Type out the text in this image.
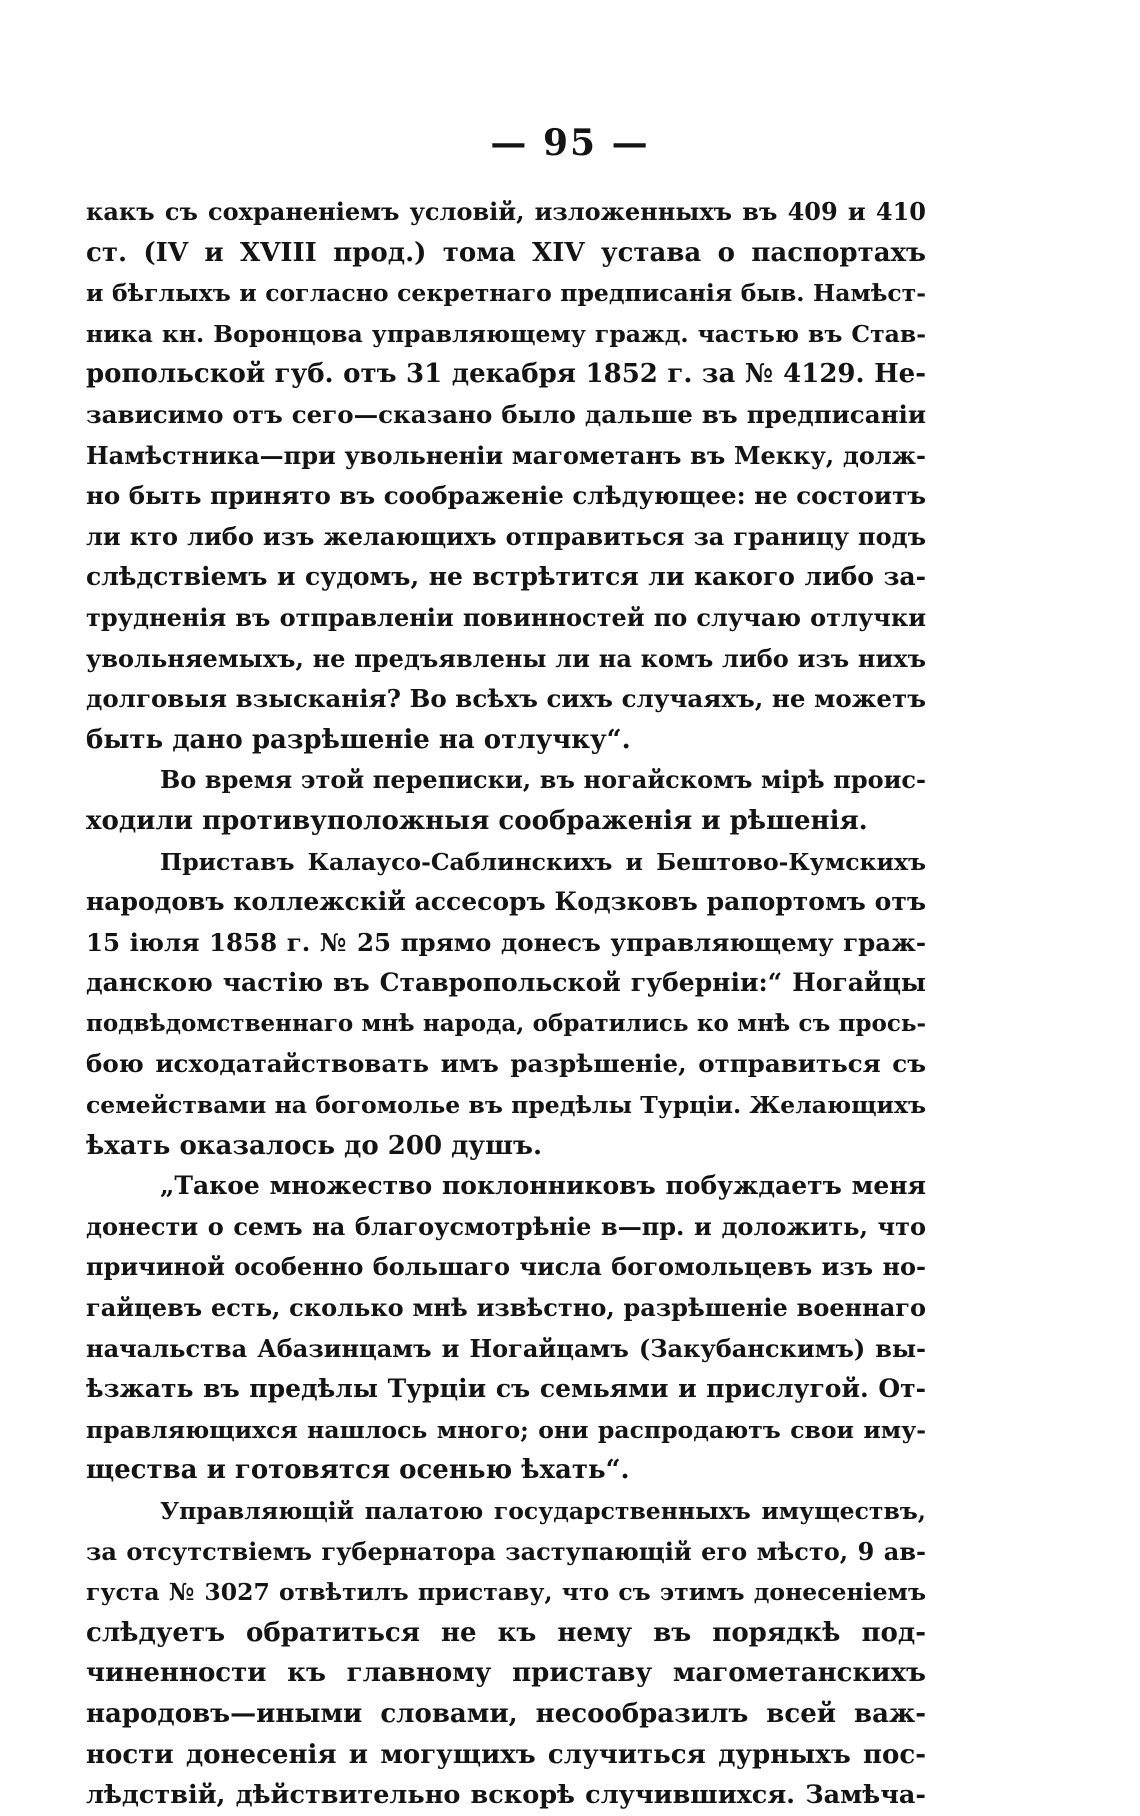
— 95 —
какъ съ сохраненіемъ условій, изложенныхъ въ 409 и 410
ст. (IV и XVIII прод.) тома XIV устава о паспортахъ
и бѣглыхъ и согласно секретнаго предписанія быв. Намѣст-
ника кн. Воронцова управляющему гражд. частью въ Став-
ропольской губ. отъ 31 декабря 1852 г. за № 4129. Не-
зависимо отъ сего—сказано было дальше въ предписаніи
Намѣстника—при увольненіи магометанъ въ Мекку, долж-
но быть принято въ соображеніе слѣдующее: не состоитъ
ли кто либо изъ желающихъ отправиться за границу подъ
слѣдствіемъ и судомъ, не встрѣтится ли какого либо за-
трудненія въ отправленіи повинностей по случаю отлучки
увольняемыхъ, не предъявлены ли на комъ либо изъ нихъ
долговыя взысканія? Во всѣхъ сихъ случаяхъ, не можетъ
быть дано разрѣшеніе на отлучку“.
Во время этой переписки, въ ногайскомъ мірѣ проис-
ходили противуположныя соображенія и рѣшенія.
Приставъ Калаусо-Саблинскихъ и Бештово-Кумскихъ
народовъ коллежскій ассесоръ Кодзковъ рапортомъ отъ
15 іюля 1858 г. № 25 прямо донесъ управляющему граж-
данскою частію въ Ставропольской губерніи:“ Ногайцы
подвѣдомственнаго мнѣ народа, обратились ко мнѣ съ прось-
бою исходатайствовать имъ разрѣшеніе, отправиться съ
семействами на богомолье въ предѣлы Турціи. Желающихъ
ѣхать оказалось до 200 душъ.
„Такое множество поклонниковъ побуждаетъ меня
донести о семъ на благоусмотрѣніе в—пр. и доложить, что
причиной особенно большаго числа богомольцевъ изъ но-
гайцевъ есть, сколько мнѣ извѣстно, разрѣшеніе военнаго
начальства Абазинцамъ и Ногайцамъ (Закубанскимъ) вы-
ѣзжать въ предѣлы Турціи съ семьями и прислугой. От-
правляющихся нашлось много; они распродаютъ свои иму-
щества и готовятся осенью ѣхать“.
Управляющій палатою государственныхъ имуществъ,
за отсутствіемъ губернатора заступающій его мѣсто, 9 ав-
густа № 3027 отвѣтилъ приставу, что съ этимъ донесеніемъ
слѣдуетъ обратиться не къ нему въ порядкѣ под-
чиненности къ главному приставу магометанскихъ
народовъ—иными словами, несообразилъ всей важ-
ности донесенія и могущихъ случиться дурныхъ пос-
лѣдствій, дѣйствительно вскорѣ случившихся. Замѣча-
